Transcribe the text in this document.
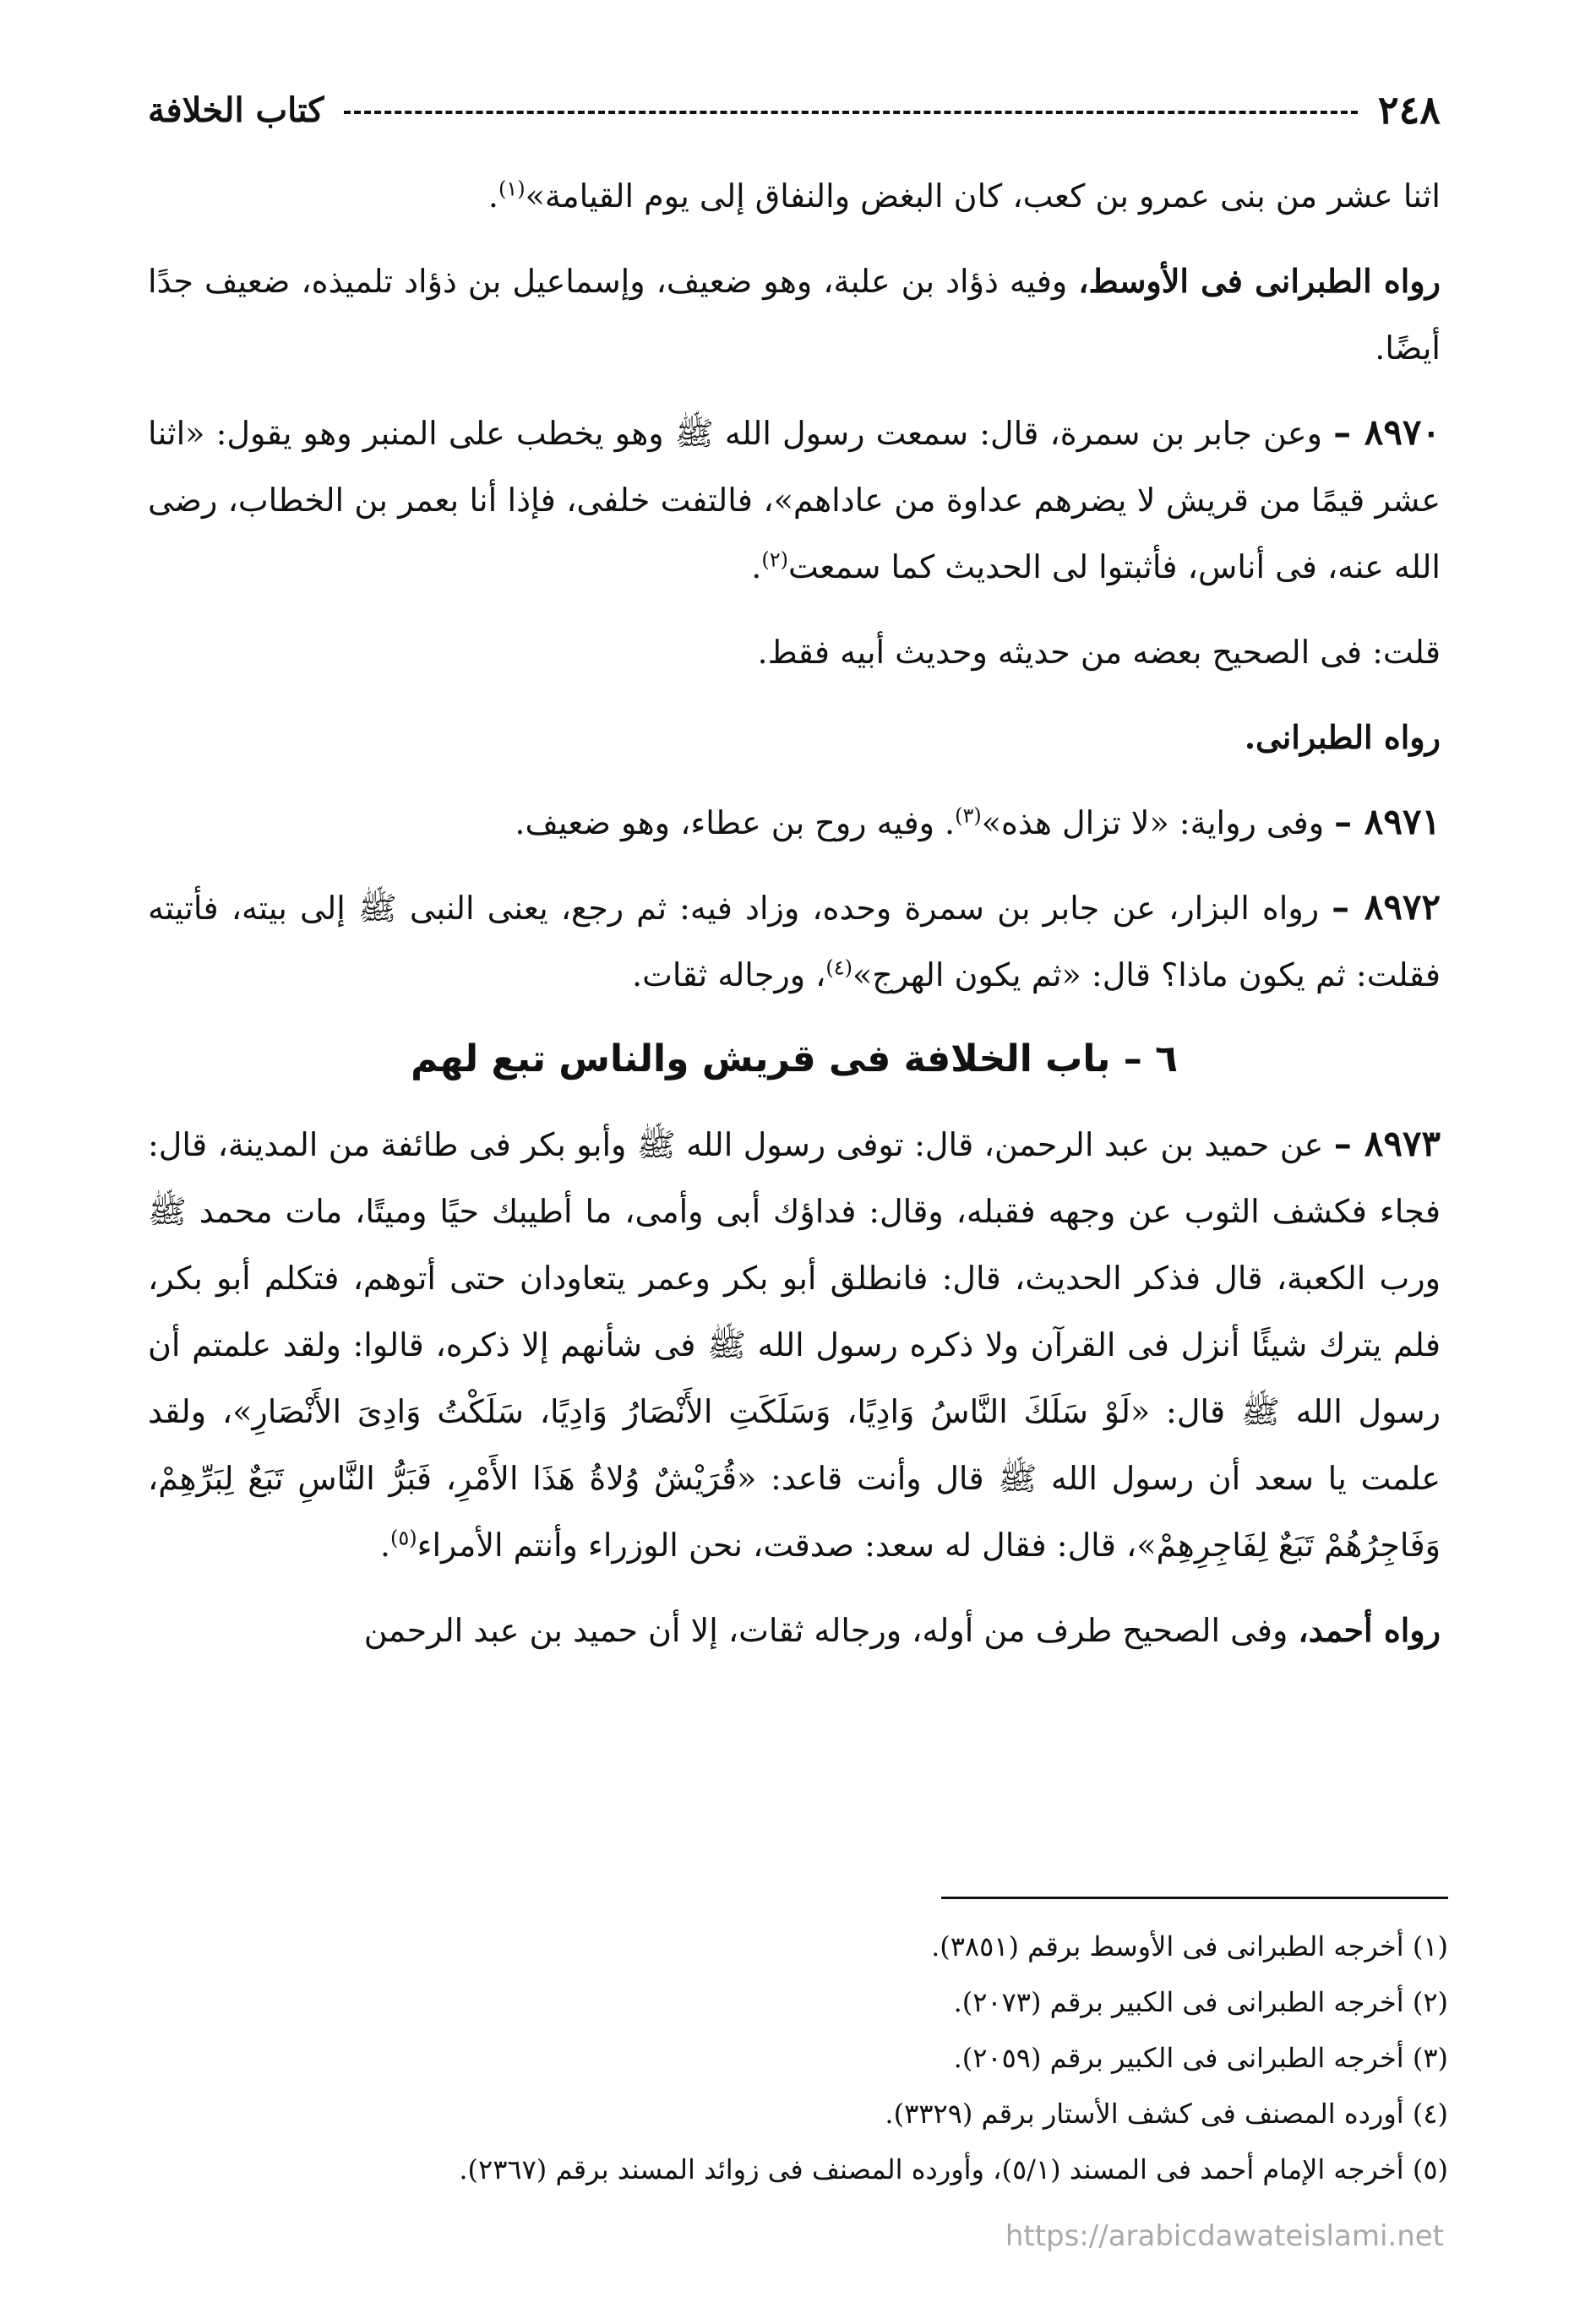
٢٤٨
كتاب الخلافة

اثنا عشر من بنى عمرو بن كعب، كان البغض والنفاق إلى يوم القيامة»$^{(١)}$.

رواه الطبرانى فى الأوسط، وفيه ذؤاد بن علبة، وهو ضعيف، وإسماعيل بن ذؤاد تلميذه، ضعيف جدًا أيضًا.

٨٩٧٠ – وعن جابر بن سمرة، قال: سمعت رسول الله ﷺ وهو يخطب على المنبر وهو يقول: «اثنا عشر قيمًا من قريش لا يضرهم عداوة من عاداهم»، فالتفت خلفى، فإذا أنا بعمر بن الخطاب، رضى الله عنه، فى أناس، فأثبتوا لى الحديث كما سمعت$^{(٢)}$.

قلت: فى الصحيح بعضه من حديثه وحديث أبيه فقط.

رواه الطبرانى.

٨٩٧١ – وفى رواية: «لا تزال هذه»$^{(٣)}$. وفيه روح بن عطاء، وهو ضعيف.

٨٩٧٢ – رواه البزار، عن جابر بن سمرة وحده، وزاد فيه: ثم رجع، يعنى النبى ﷺ إلى بيته، فأتيته فقلت: ثم يكون ماذا؟ قال: «ثم يكون الهرج»$^{(٤)}$، ورجاله ثقات.

٦ – باب الخلافة فى قريش والناس تبع لهم

٨٩٧٣ – عن حميد بن عبد الرحمن، قال: توفى رسول الله ﷺ وأبو بكر فى طائفة من المدينة، قال: فجاء فكشف الثوب عن وجهه فقبله، وقال: فداؤك أبى وأمى، ما أطيبك حيًا وميتًا، مات محمد ﷺ ورب الكعبة، قال فذكر الحديث، قال: فانطلق أبو بكر وعمر يتعاودان حتى أتوهم، فتكلم أبو بكر، فلم يترك شيئًا أنزل فى القرآن ولا ذكره رسول الله ﷺ فى شأنهم إلا ذكره، قالوا: ولقد علمتم أن رسول الله ﷺ قال: «لَوْ سَلَكَ النَّاسُ وَادِيًا، وَسَلَكَتِ الأَنْصَارُ وَادِيًا، سَلَكْتُ وَادِىَ الأَنْصَارِ»، ولقد علمت يا سعد أن رسول الله ﷺ قال وأنت قاعد: «قُرَيْشٌ وُلاةُ هَذَا الأَمْرِ، فَبَرُّ النَّاسِ تَبَعٌ لِبَرِّهِمْ، وَفَاجِرُهُمْ تَبَعٌ لِفَاجِرِهِمْ»، قال: فقال له سعد: صدقت، نحن الوزراء وأنتم الأمراء$^{(٥)}$.

رواه أحمد، وفى الصحيح طرف من أوله، ورجاله ثقات، إلا أن حميد بن عبد الرحمن

(١) أخرجه الطبرانى فى الأوسط برقم (٣٨٥١).
(٢) أخرجه الطبرانى فى الكبير برقم (٢٠٧٣).
(٣) أخرجه الطبرانى فى الكبير برقم (٢٠٥٩).
(٤) أورده المصنف فى كشف الأستار برقم (٣٣٢٩).
(٥) أخرجه الإمام أحمد فى المسند (٥/١)، وأورده المصنف فى زوائد المسند برقم (٢٣٦٧).
https://arabicdawateislami.net
